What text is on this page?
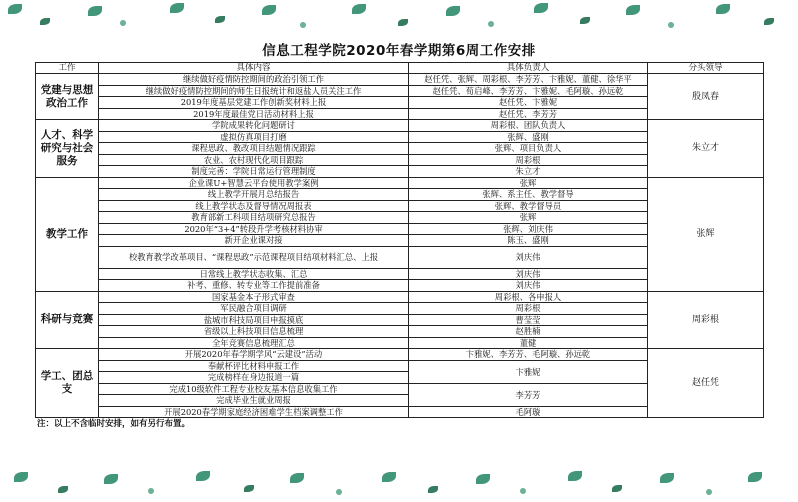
信息工程学院2020年春学期第6周工作安排
工作	具体内容	具体负责人	分头领导
党建与思想政治工作	继续做好疫情防控期间的政治引领工作	赵任凭、张辉、周彩根、李芳芳、卞雅妮、董健、徐华平	殷凤春
	继续做好疫情防控期间的师生日报统计和返盐人员关注工作	赵任凭、荀启峰、李芳芳、卞雅妮、毛阿璇、孙远乾	
	2019年度基层党建工作创新奖材料上报	赵任凭、卞雅妮	
	2019年度最佳党日活动材料上报	赵任凭、李芳芳	
人才、科学研究与社会服务	学院成果转化问题研讨	周彩根、团队负责人	朱立才
	虚拟仿真项目打磨	张辉、盛刚	
	课程思政、教改项目结题情况跟踪	张辉、项目负责人	
	农业、农村现代化项目跟踪	周彩根	
	制度完善：学院日常运行管理制度	朱立才	
教学工作	企业课U+智慧云平台使用教学案例	张辉	张辉
	线上教学开展月总结报告	张辉、系主任、教学督导	
	线上教学状态及督导情况周报表	张辉、教学督导员	
	教育部新工科项目结项研究总报告	张辉	
	2020年“3+4”转段升学考核材料协审	张辉、刘庆伟	
	新开企业课对接	陈玉、盛刚	
	校教育教学改革项目、“课程思政”示范课程项目结项材料汇总、上报	刘庆伟	
	日常线上教学状态收集、汇总	刘庆伟	
	补考、重修、转专业等工作提前准备	刘庆伟	
科研与竞赛	国家基金本子形式审查	周彩根、各申报人	周彩根
	军民融合项目调研	周彩根	
	盐城市科技局项目申报摸底	曹莹莹	
	省级以上科技项目信息梳理	赵胜楠	
	全年竞赛信息梳理汇总	董健	
学工、团总支	开展2020年春学期学风“云建设”活动	卞雅妮、李芳芳、毛阿璇、孙远乾	赵任凭
	奉献杯评比材料申报工作	卞雅妮	
	完成榜样在身边报道一篇		
	完成10级软件工程专业校友基本信息收集工作	李芳芳	
	完成毕业生就业周报		
	开展2020春学期家庭经济困难学生档案调整工作	毛阿璇	
注：以上不含临时安排，如有另行布置。
